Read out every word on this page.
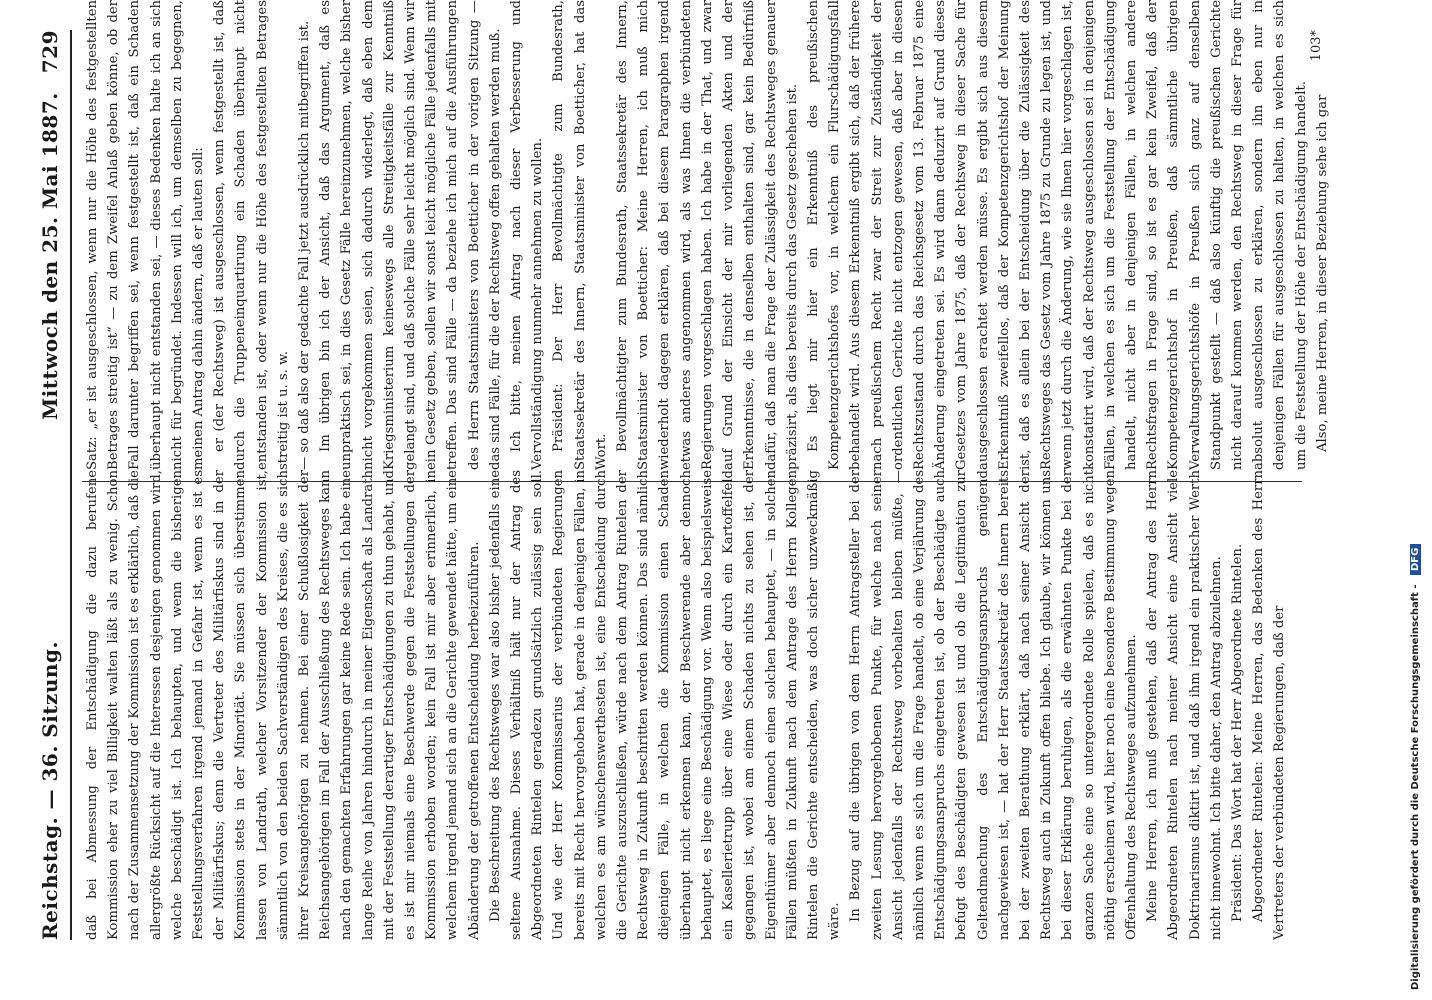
Reichstag. — 36. Sitzung.
Mittwoch den 25. Mai 1887.
729

daß bei Abmessung der Entschädigung die dazu berufene Kommission eher zu viel Billigkeit walten läßt als zu wenig. Schon nach der Zusammensetzung der Kommission ist es erklärlich, daß die allergrößte Rücksicht auf die Interessen desjenigen genommen wird, welche beschädigt ist. Ich behaupten, und wenn die bisherigen Feststellungsverfahren irgend jemand in Gefahr ist, wenn es ist es der Militärfiskus; denn die Vertreter des Militärfiskus sind in der Kommission stets in der Minorität. Sie müssen sich überstimmen lassen von Landrath, welcher Vorsitzender der Kommission ist, sämmtlich von den beiden Sachverständigen des Kreises, die es sich ihrer Kreisangehörigen zu nehmen. Bei einer Schußlosigkeit der Reichsangehörigen im Fall der Ausschließung des Rechtsweges kann nach den gemachten Erfahrungen gar keine Rede sein. Ich habe eine lange Reihe von Jahren hindurch in meiner Eigenschaft als Landrath mit der Feststellung derartiger Entschädigungen zu thun gehabt, und es ist mir niemals eine Beschwerde gegen die Feststellungen der Kommission erhoben worden; kein Fall ist mir aber erinnerlich, in welchem irgend jemand sich an die Gerichte gewendet hätte, um eine Abänderung der getroffenen Entscheidung herbeizuführen. Die Beschreitung des Rechtsweges war also bisher jedenfalls eine seltene Ausnahme. Dieses Verhältniß hält nur der Antrag des Abgeordneten Rintelen geradezu grundsätzlich zulässig sein soll. Und wie der Herr Kommissarius der verbündeten Regierungen bereits mit Recht hervorgehoben hat, gerade in denjenigen Fällen, in welchen es am wünschenswerthesten ist, eine Entscheidung durch die Gerichte auszuschließen, würde nach dem Antrag Rintelen der Rechtsweg in Zukunft beschritten werden können. Das sind nämlich diejenigen Fälle, in welchen die Kommission einen Schaden überhaupt nicht erkennen kann, der Beschwerende aber dennoch behauptet, es liege eine Beschädigung vor. Wenn also beispielsweise ein Kasellerietrupp über eine Wiese oder durch ein Kartoffelfeld gegangen ist, wobei am einem Schaden nichts zu sehen ist, der Eigenthümer aber dennoch einen solchen behauptet, — in solchen Fällen müßten in Zukunft nach dem Antrage des Herrn Kollegen Rintelen die Gerichte entscheiden, was doch sicher unzweckmäßig wäre. In Bezug auf die übrigen von dem Herrn Antragsteller bei der zweiten Lesung hervorgehobenen Punkte, für welche nach seiner Ansicht jedenfalls der Rechtsweg vorbehalten bleiben müßte, — nämlich wenn es sich um die Frage handelt, ob eine Verjährung des Entschädigungsanspruchs eingetreten ist, ob der Beschädigte auch befugt des Beschädigten gewesen ist und ob die Legitimation zur Geltendmachung des Entschädigungsanspruchs genügend nachgewiesen ist, — hat der Herr Staatssekretär des Innern bereits bei der zweiten Berathung erklärt, daß nach seiner Ansicht der Rechtsweg auch in Zukunft offen bliebe. Ich glaube, wir können uns bei dieser Erklärung beruhigen, als die erwähnten Punkte bei der ganzen Sache eine so untergeordnete Rolle spielen, daß es nicht nöthig erscheinen wird, hier noch eine besondere Bestimmung wegen Offenhaltung des Rechtsweges aufzunehmen. Meine Herren, ich muß gestehen, daß der Antrag des Herrn Abgeordneten Rintelen nach meiner Ansicht eine Ansicht viele Doktrinarismus diktirt ist, und daß ihm irgend ein praktischer Werth nicht innewohnt. Ich bitte daher, den Antrag abzulehnen. Präsident: Das Wort hat der Herr Abgeordnete Rintelen. Abgeordneter Rintelen: Meine Herren, das Bedenken des Herrn Vertreters der verbündeten Regierungen, daß der

Satz: „er ist ausgeschlossen, wenn nur die Höhe des festgestellten Betrages streitig ist“ — zu dem Zweifel Anlaß geben könne, ob der Fall darunter begriffen sei, wenn festgestellt ist, daß ein Schaden überhaupt nicht entstanden sei, — dieses Bedenken halte ich an sich nicht für begründet. Indessen will ich, um demselben zu begegnen, meinen Antrag dahin ändern, daß er lauten soll: er (der Rechtsweg) ist ausgeschlossen, wenn festgestellt ist, daß durch die Truppeneinquartirung ein Schaden überhaupt nicht entstanden ist, oder wenn nur die Höhe des festgestellten Betrages streitig ist u. s. w. — so daß also der gedachte Fall jetzt ausdrücklich mitbegriffen ist. Im übrigen bin ich der Ansicht, daß das Argument, daß es unpraktisch sei, in dies Gesetz Fälle hereinzunehmen, welche bisher nicht vorgekommen seien, sich dadurch widerlegt, daß eben dem Kriegsministerium keineswegs alle Streitigkeitsfälle zur Kenntniß gelangt sind, und daß solche Fälle sehr leicht möglich sind. Wenn wir ein Gesetz geben, sollen wir sonst leicht mögliche Fälle jedenfalls mit treffen. Das sind Fälle — da beziehe ich mich auf die Ausführungen des Herrn Staatsministers von Boetticher in der vorigen Sitzung — das sind Fälle, für die der Rechtsweg offen gehalten werden muß. Ich bitte, meinen Antrag nach dieser Verbesserung und Vervollständigung nunmehr annehmen zu wollen. Präsident: Der Herr Bevollmächtigte zum Bundesrath, Staatssekretär des Innern, Staatsminister von Boetticher, hat das Wort. Bevollmächtigter zum Bundesrath, Staatssekretär des Innern, Staatsminister von Boetticher: Meine Herren, ich muß mich wiederholt dagegen erklären, daß bei diesem Paragraphen irgend etwas anderes angenommen wird, als was Ihnen die verbündeten Regierungen vorgeschlagen haben. Ich habe in der That, und zwar auf Grund der Einsicht der mir vorliegenden Akten und der Erkenntnisse, die in denselben enthalten sind, gar kein Bedürfniß dafür, daß man die Frage der Zulässigkeit des Rechtsweges genauer präzisirt, als dies bereits durch das Gesetz geschehen ist. Es liegt mir hier ein Erkenntniß des preußischen Kompetenzgerichtshofes vor, in welchem ein Flurschädigungsfall behandelt wird. Aus diesem Erkenntniß ergibt sich, daß der frühere nach preußischem Recht zwar der Streit zur Zuständigkeit der ordentlichen Gerichte nicht entzogen gewesen, daß aber in diesen Rechtszustand durch das Reichsgesetz vom 13. Februar 1875 eine Änderung eingetreten sei. Es wird dann deduzirt auf Grund dieses Gesetzes vom Jahre 1875, daß der Rechtsweg in dieser Sache für ausgeschlossen erachtet werden müsse. Es ergibt sich aus diesem Erkenntniß zweifellos, daß der Kompetenzgerichtshof der Meinung ist, daß es allein bei der Entscheidung über die Zulässigkeit des Rechtsweges das Gesetz vom Jahre 1875 zu Grunde zu legen ist, und wenn jetzt durch die Änderung, wie sie Ihnen hier vorgeschlagen ist, konstatirt wird, daß der Rechtsweg ausgeschlossen sei in denjenigen Fällen, in welchen es sich um die Feststellung der Entschädigung handelt, nicht aber in denjenigen Fällen, in welchen andere Rechtsfragen in Frage sind, so ist es gar kein Zweifel, daß der Kompetenzgerichtshof in Preußen, daß sämmtliche übrigen Verwaltungsgerichtshöfe in Preußen sich ganz auf denselben Standpunkt gestellt — daß also künftig die preußischen Gerichte nicht darauf kommen werden, den Rechtsweg in dieser Frage für absolut ausgeschlossen zu erklären, sondern ihn eben nur in denjenigen Fällen für ausgeschlossen zu halten, in welchen es sich um die Feststellung der Höhe der Entschädigung handelt. Also, meine Herren, in dieser Beziehung sehe ich gar

103*
Digitalisierung gefördert durch die Deutsche Forschungsgemeinschaft - DFG
